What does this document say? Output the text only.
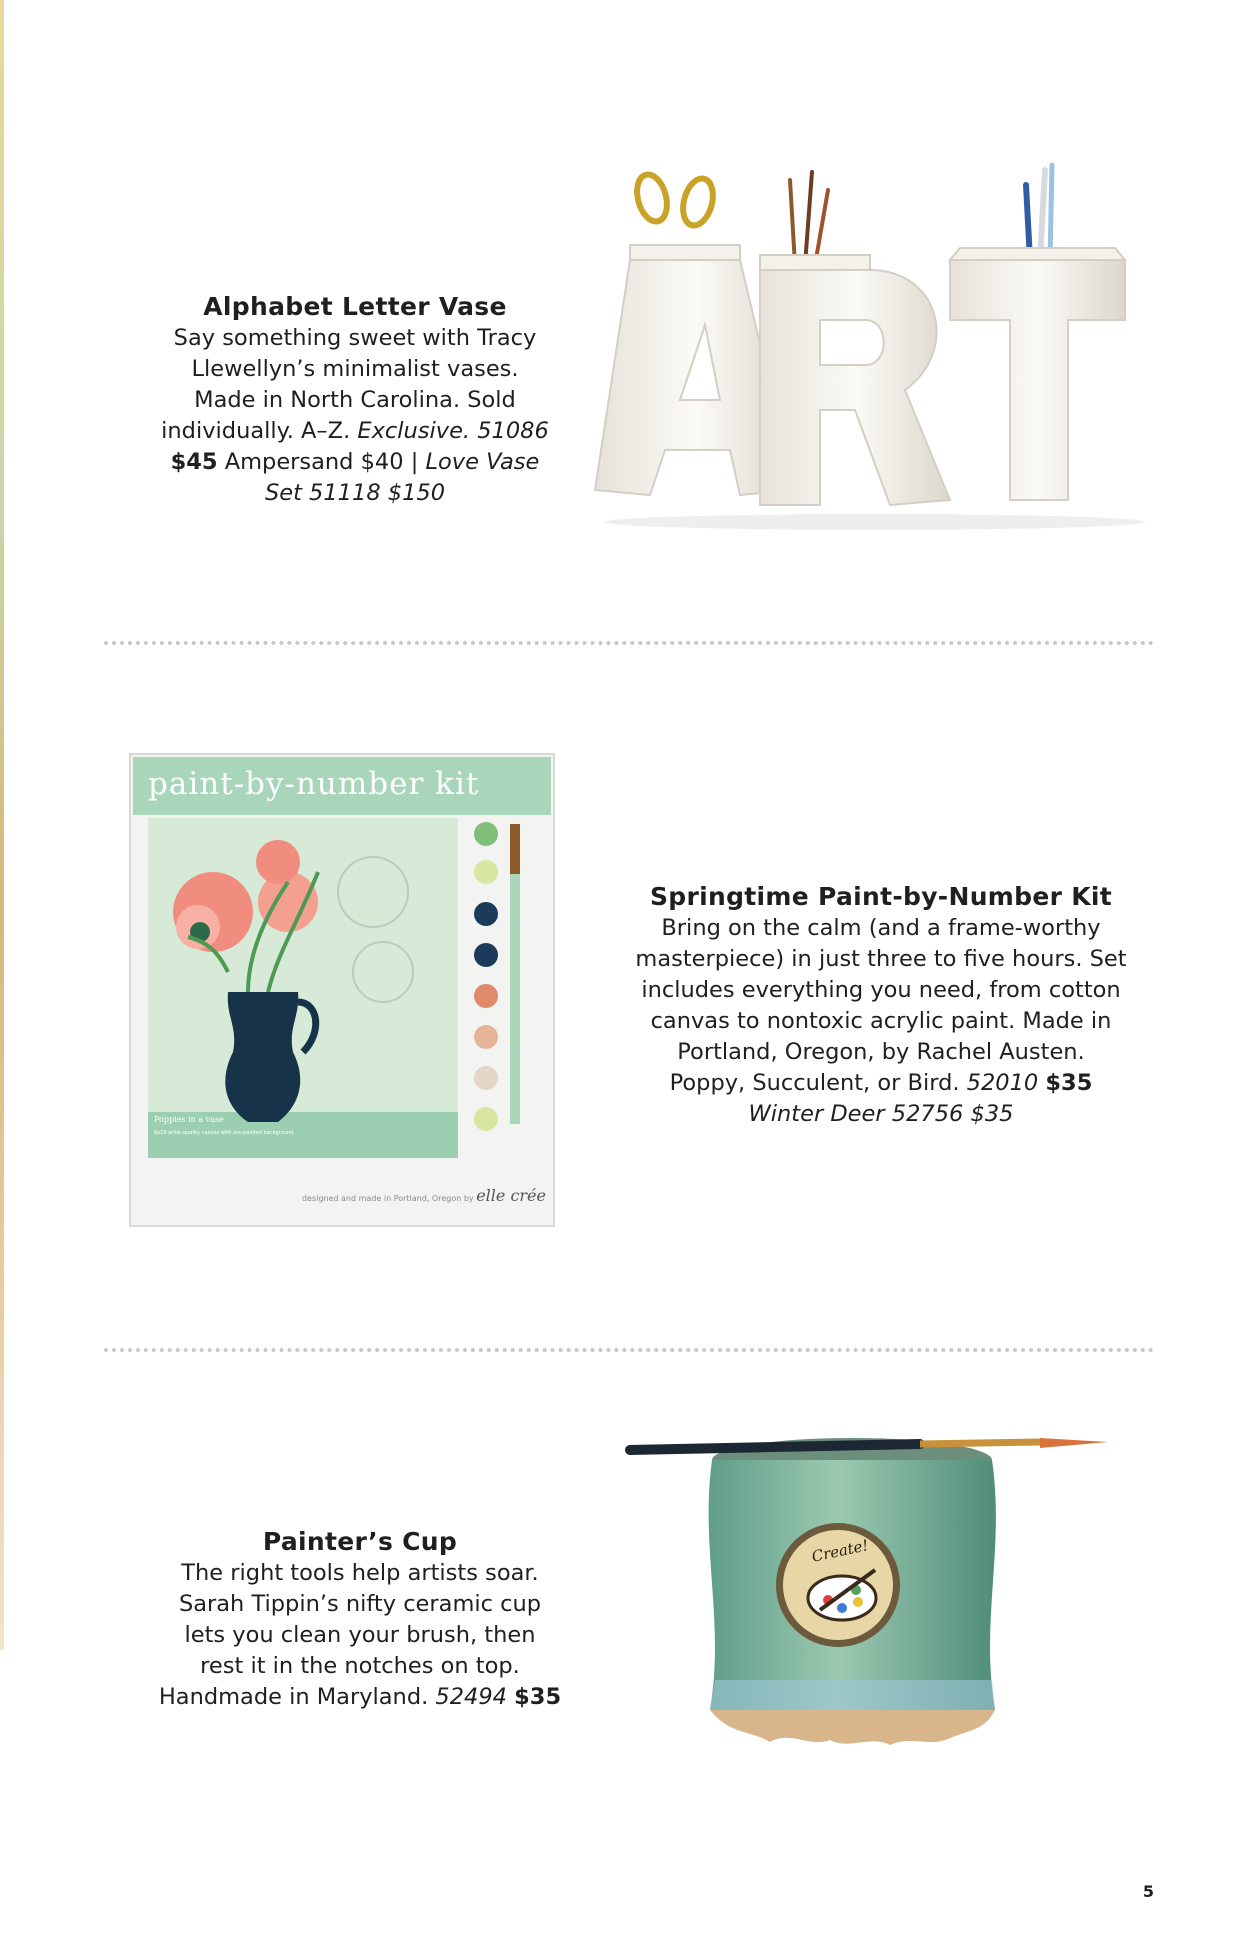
Alphabet Letter Vase

Say something sweet with Tracy

Llewellyn’s minimalist vases.

Made in North Carolina. Sold

individually. A–Z. Exclusive. 51086

$45 Ampersand $40 | Love Vase

Set 51118 $150

paint-by-number kit
Poppies in a vase
8x10 artist-quality canvas with pre-painted background
designed and made in Portland, Oregon by elle crée

Springtime Paint-by-Number Kit

Bring on the calm (and a frame-worthy

masterpiece) in just three to five hours. Set

includes everything you need, from cotton

canvas to nontoxic acrylic paint. Made in

Portland, Oregon, by Rachel Austen.

Poppy, Succulent, or Bird. 52010 $35

Winter Deer 52756 $35

Painter’s Cup

The right tools help artists soar.

Sarah Tippin’s nifty ceramic cup

lets you clean your brush, then

rest it in the notches on top.

Handmade in Maryland. 52494 $35

Create!
5
